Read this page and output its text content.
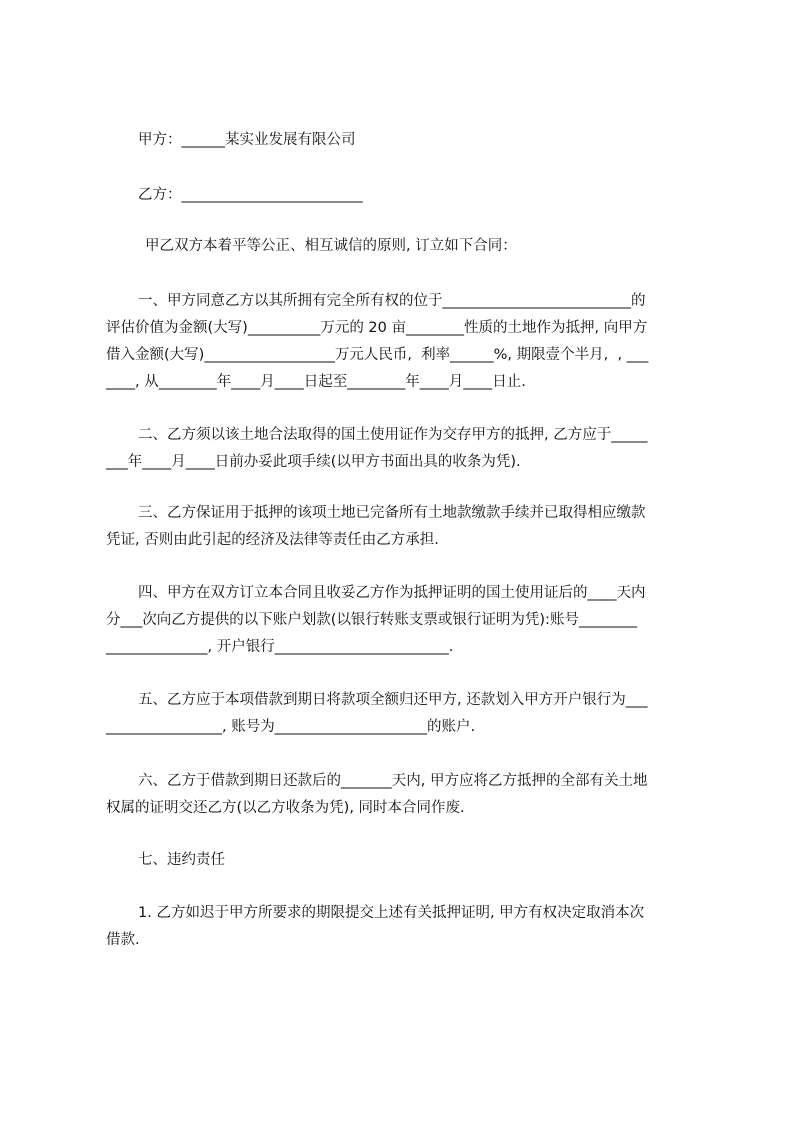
甲方：______某实业发展有限公司
乙方：_________________________
甲乙双方本着平等公正、相互诚信的原则, 订立如下合同：
一、甲方同意乙方以其所拥有完全所有权的位于__________________________的
评估价值为金额(大写)__________万元的 20 亩________性质的土地作为抵押, 向甲方
借入金额(大写)__________________万元人民币,  利率______%, 期限壹个半月,  , ___
____, 从________年____月____日起至________年____月____日止.
二、乙方须以该土地合法取得的国土使用证作为交存甲方的抵押, 乙方应于_____
___年____月____日前办妥此项手续(以甲方书面出具的收条为凭).
三、乙方保证用于抵押的该项土地已完备所有土地款缴款手续并已取得相应缴款
凭证, 否则由此引起的经济及法律等责任由乙方承担.
四、甲方在双方订立本合同且收妥乙方作为抵押证明的国土使用证后的____天内
分___次向乙方提供的以下账户划款(以银行转账支票或银行证明为凭):账号________
______________, 开户银行________________________.
五、乙方应于本项借款到期日将款项全额归还甲方, 还款划入甲方开户银行为___
________________, 账号为_____________________的账户.
六、乙方于借款到期日还款后的_______天内, 甲方应将乙方抵押的全部有关土地
权属的证明交还乙方(以乙方收条为凭), 同时本合同作废.
七、违约责任
1. 乙方如迟于甲方所要求的期限提交上述有关抵押证明, 甲方有权决定取消本次
借款.
